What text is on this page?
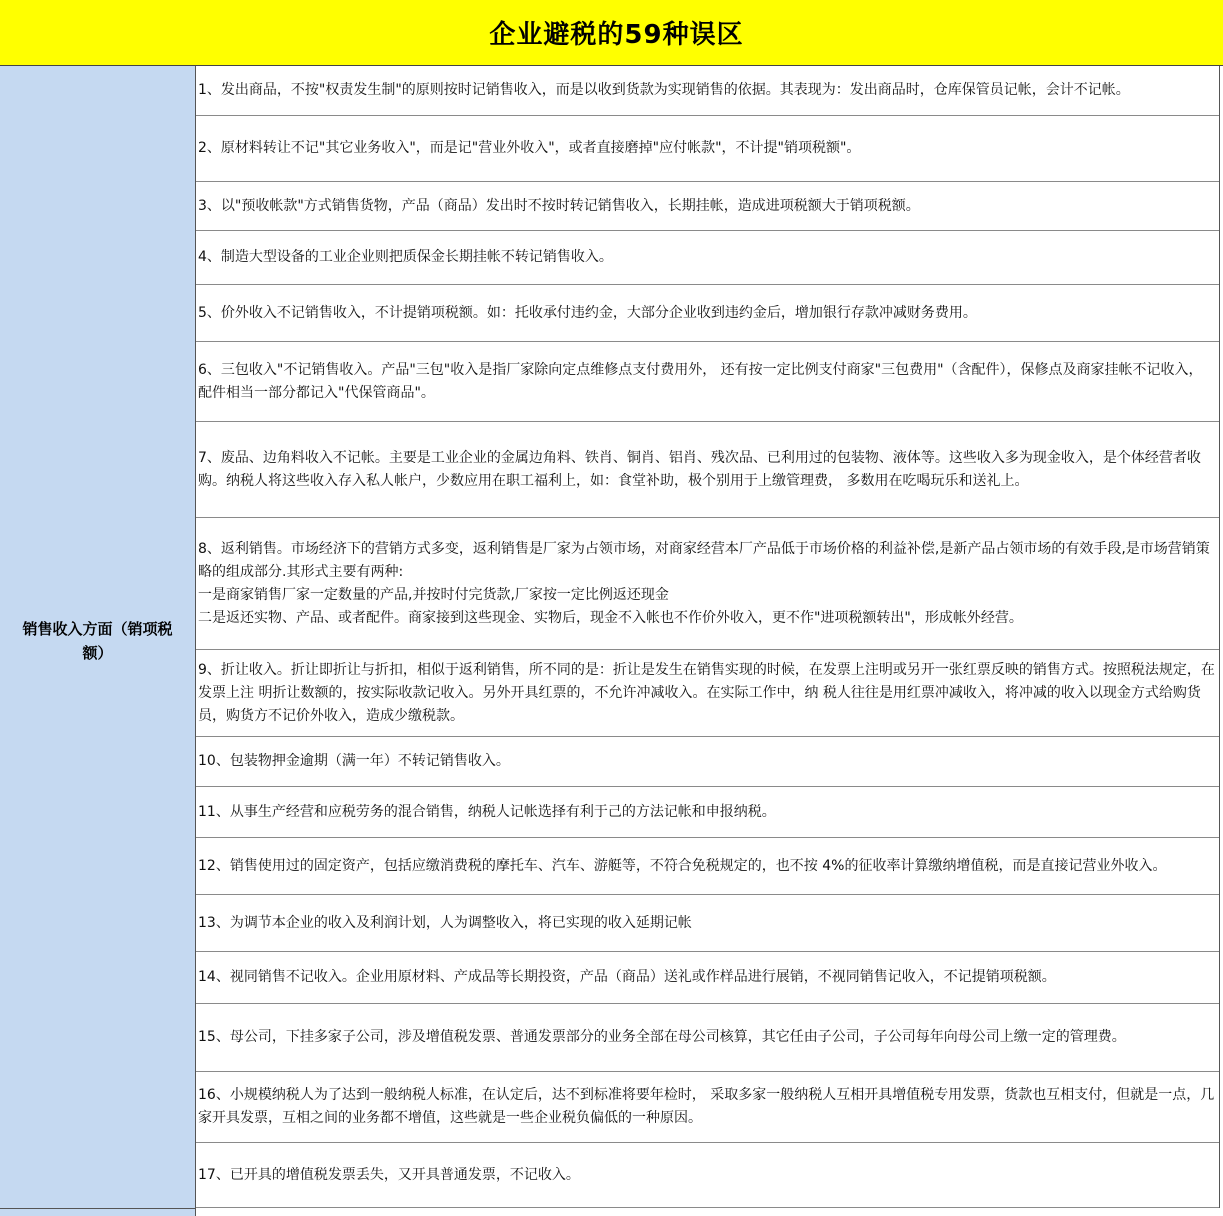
企业避税的59种误区
销售收入方面（销项税额）
1、发出商品，不按"权责发生制"的原则按时记销售收入，而是以收到货款为实现销售的依据。其表现为：发出商品时，仓库保管员记帐，会计不记帐。
2、原材料转让不记"其它业务收入"，而是记"营业外收入"，或者直接磨掉"应付帐款"，不计提"销项税额"。
3、以"预收帐款"方式销售货物，产品（商品）发出时不按时转记销售收入，长期挂帐，造成进项税额大于销项税额。
4、制造大型设备的工业企业则把质保金长期挂帐不转记销售收入。
5、价外收入不记销售收入，不计提销项税额。如：托收承付违约金，大部分企业收到违约金后，增加银行存款冲减财务费用。
6、三包收入"不记销售收入。产品"三包"收入是指厂家除向定点维修点支付费用外， 还有按一定比例支付商家"三包费用"（含配件），保修点及商家挂帐不记收入，配件相当一部分都记入"代保管商品"。
7、废品、边角料收入不记帐。主要是工业企业的金属边角料、铁肖、铜肖、铝肖、残次品、已利用过的包装物、液体等。这些收入多为现金收入，是个体经营者收购。纳税人将这些收入存入私人帐户，少数应用在职工福利上，如：食堂补助，极个别用于上缴管理费， 多数用在吃喝玩乐和送礼上。
8、返利销售。市场经济下的营销方式多变，返利销售是厂家为占领市场，对商家经营本厂产品低于市场价格的利益补偿,是新产品占领市场的有效手段,是市场营销策略的组成部分.其形式主要有两种:
一是商家销售厂家一定数量的产品,并按时付完货款,厂家按一定比例返还现金
二是返还实物、产品、或者配件。商家接到这些现金、实物后，现金不入帐也不作价外收入，更不作"进项税额转出"，形成帐外经营。
9、折让收入。折让即折让与折扣，相似于返利销售，所不同的是：折让是发生在销售实现的时候，在发票上注明或另开一张红票反映的销售方式。按照税法规定，在发票上注 明折让数额的，按实际收款记收入。另外开具红票的，不允许冲减收入。在实际工作中，纳 税人往往是用红票冲减收入，将冲减的收入以现金方式给购货员，购货方不记价外收入，造成少缴税款。
10、包装物押金逾期（满一年）不转记销售收入。
11、从事生产经营和应税劳务的混合销售，纳税人记帐选择有利于己的方法记帐和申报纳税。
12、销售使用过的固定资产，包括应缴消费税的摩托车、汽车、游艇等，不符合免税规定的，也不按 4%的征收率计算缴纳增值税，而是直接记营业外收入。
13、为调节本企业的收入及利润计划，人为调整收入，将已实现的收入延期记帐
14、视同销售不记收入。企业用原材料、产成品等长期投资，产品（商品）送礼或作样品进行展销，不视同销售记收入，不记提销项税额。
15、母公司，下挂多家子公司，涉及增值税发票、普通发票部分的业务全部在母公司核算，其它任由子公司，子公司每年向母公司上缴一定的管理费。
16、小规模纳税人为了达到一般纳税人标准，在认定后，达不到标准将要年检时， 采取多家一般纳税人互相开具增值税专用发票，货款也互相支付，但就是一点，几家开具发票，互相之间的业务都不增值，这些就是一些企业税负偏低的一种原因。
17、已开具的增值税发票丢失，又开具普通发票，不记收入。
